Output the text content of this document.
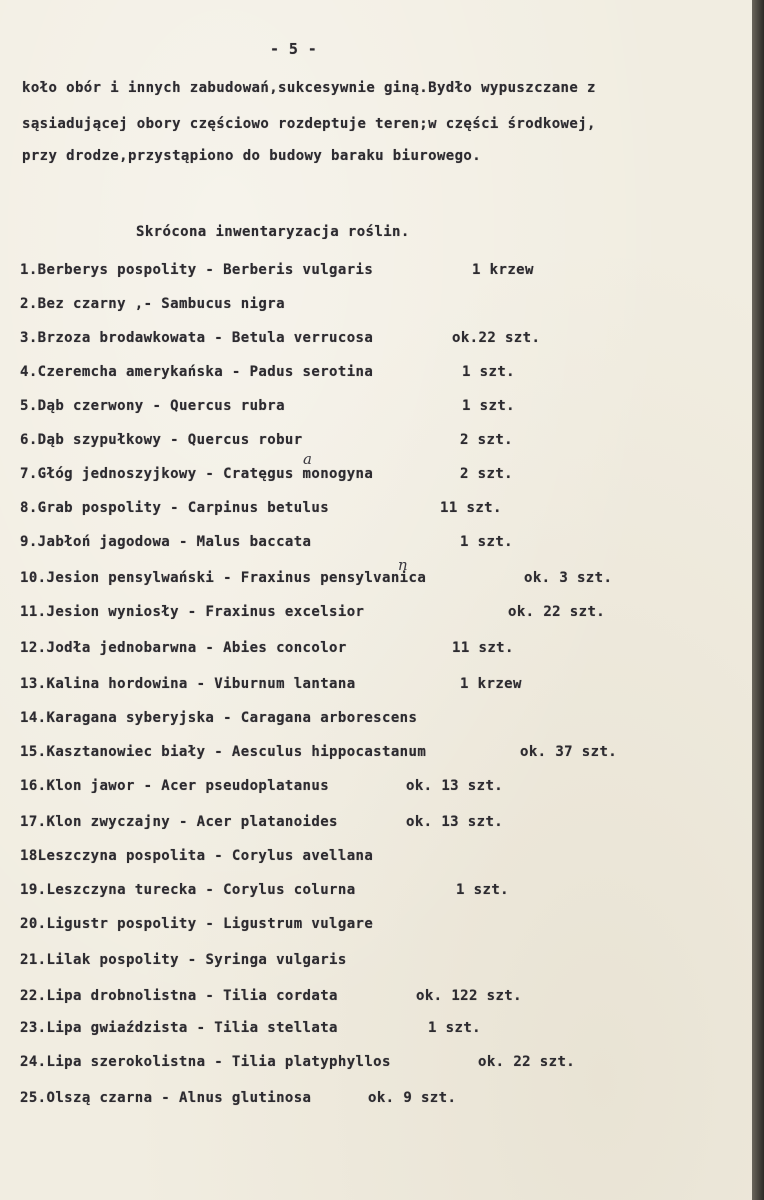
- 5 -
koło obór i innych zabudowań,sukcesywnie giną.Bydło wypuszczane z
sąsiadującej obory częściowo rozdeptuje teren;w części środkowej,
przy drodze,przystąpiono do budowy baraku biurowego.
Skrócona inwentaryzacja roślin.
1.Berberys pospolity - Berberis vulgaris	1 krzew
2.Bez czarny ,- Sambucus nigra
3.Brzoza brodawkowata - Betula verrucosa	ok.22 szt.
4.Czeremcha amerykańska - Padus serotina	1 szt.
5.Dąb czerwony - Quercus rubra	1 szt.
6.Dąb szypułkowy - Quercus robur	2 szt.
7.Głóg jednoszyjkowy - Cratęgus monogyna	2 szt.
8.Grab pospolity - Carpinus betulus	11 szt.
9.Jabłoń jagodowa - Malus baccata	1 szt.
10.Jesion pensylwański - Fraxinus pensylvanica	ok. 3 szt.
11.Jesion wyniosły - Fraxinus excelsior	ok. 22 szt.
12.Jodła jednobarwna - Abies concolor	11 szt.
13.Kalina hordowina - Viburnum lantana	1 krzew
14.Karagana syberyjska - Caragana arborescens
15.Kasztanowiec biały - Aesculus hippocastanum	ok. 37 szt.
16.Klon jawor - Acer pseudoplatanus	ok. 13 szt.
17.Klon zwyczajny - Acer platanoides	ok. 13 szt.
18Leszczyna pospolita - Corylus avellana
19.Leszczyna turecka - Corylus colurna	1 szt.
20.Ligustr pospolity - Ligustrum vulgare
21.Lilak pospolity - Syringa vulgaris
22.Lipa drobnolistna - Tilia cordata	ok. 122 szt.
23.Lipa gwiaździsta - Tilia stellata	1 szt.
24.Lipa szerokolistna - Tilia platyphyllos	ok. 22 szt.
25.Olszą czarna - Alnus glutinosa	ok. 9 szt.
a
n
